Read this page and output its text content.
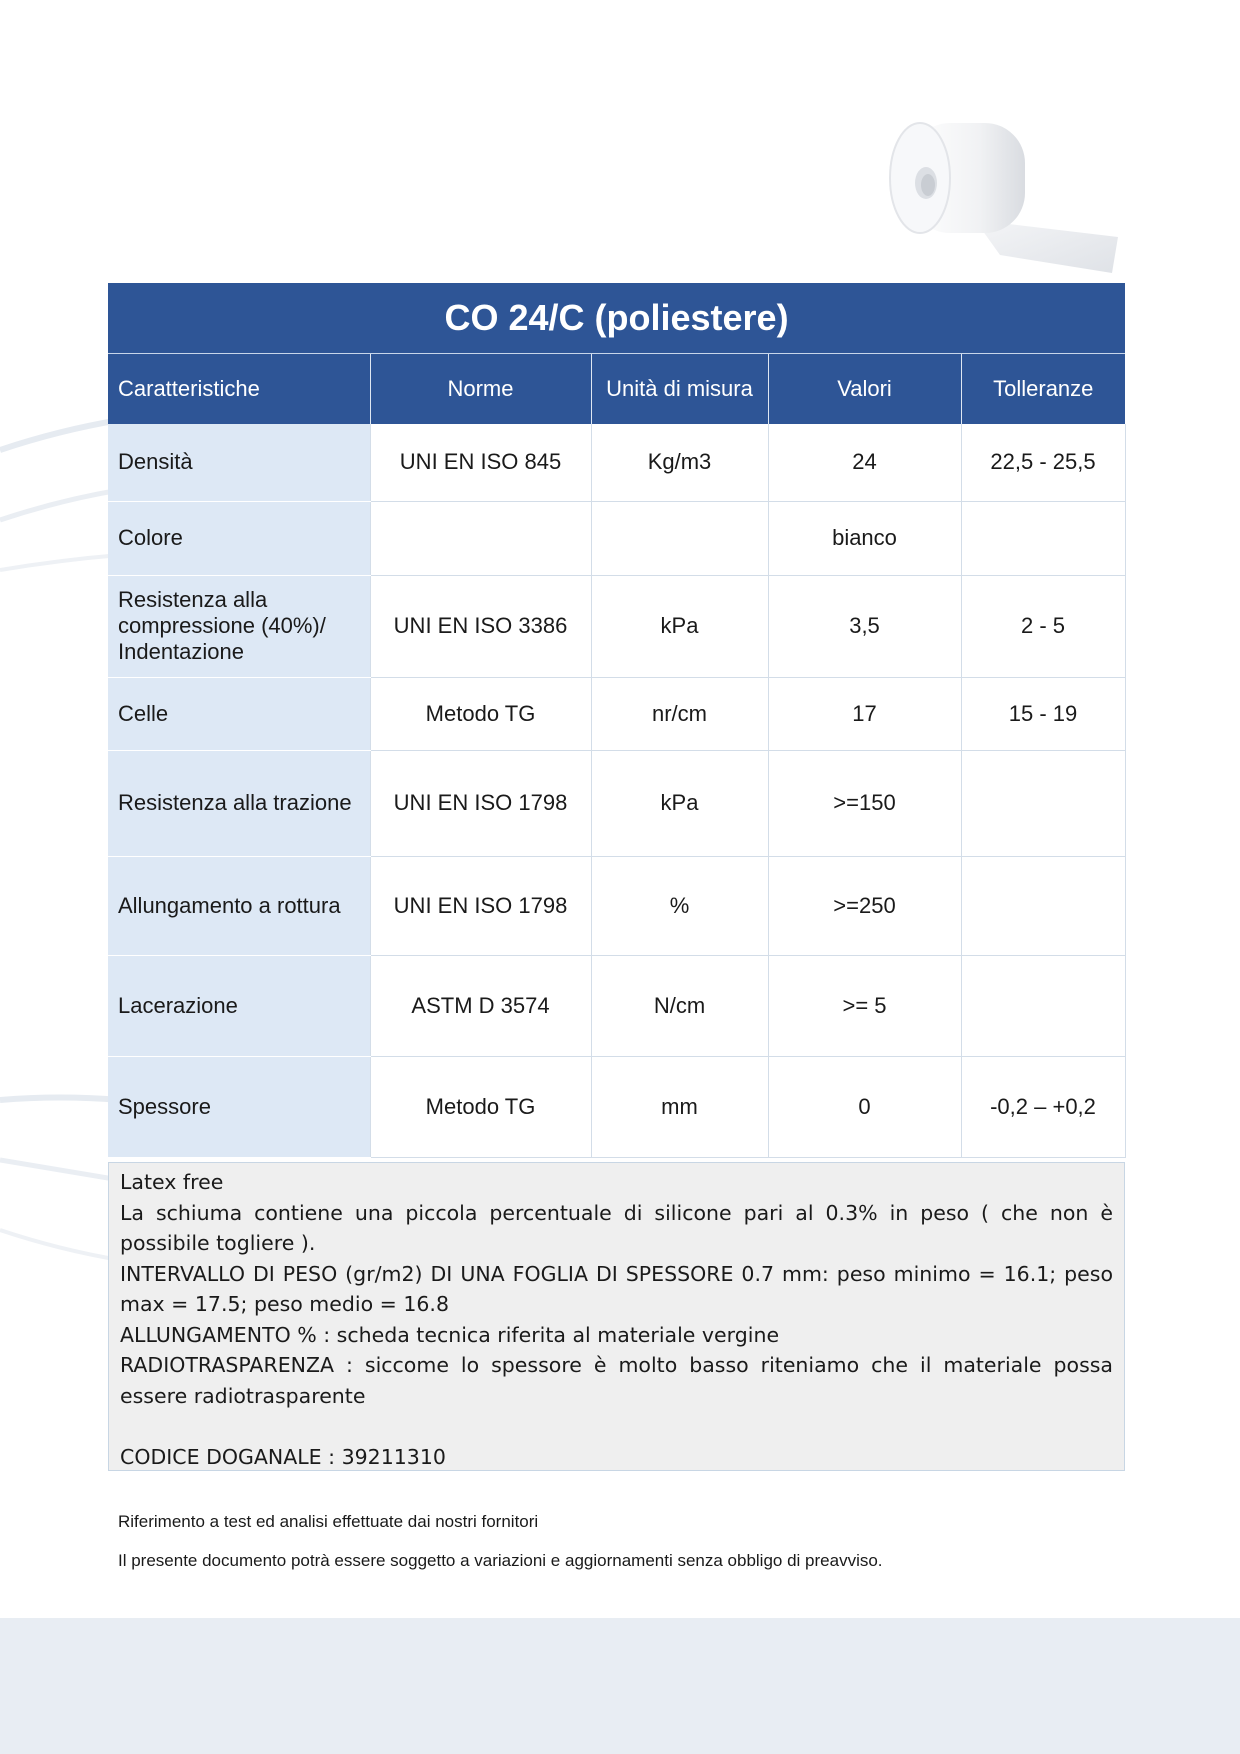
CO 24/C (poliestere)				
Caratteristiche	Norme	Unità di misura	Valori	Tolleranze
Densità	UNI EN ISO 845	Kg/m3	24	22,5 - 25,5
Colore			bianco	
Resistenza alla compressione (40%)/ Indentazione	UNI EN ISO 3386	kPa	3,5	2 - 5
Celle	Metodo TG	nr/cm	17	15 - 19
Resistenza alla trazione	UNI EN ISO 1798	kPa	>=150	
Allungamento a rottura	UNI EN ISO 1798	%	>=250	
Lacerazione	ASTM D 3574	N/cm	>= 5	
Spessore	Metodo TG	mm	0	-0,2 – +0,2
Latex free
La schiuma contiene una piccola percentuale di silicone pari al 0.3% in peso ( che non è possibile togliere ).
INTERVALLO DI PESO (gr/m2) DI UNA FOGLIA DI SPESSORE 0.7 mm: peso minimo = 16.1; peso max = 17.5; peso medio = 16.8
ALLUNGAMENTO % : scheda tecnica riferita al materiale vergine
RADIOTRASPARENZA : siccome lo spessore è molto basso riteniamo che il materiale possa essere radiotrasparente
CODICE DOGANALE : 39211310
Riferimento a test ed analisi effettuate dai nostri fornitori
Il presente documento potrà essere soggetto a variazioni e aggiornamenti senza obbligo di preavviso.
